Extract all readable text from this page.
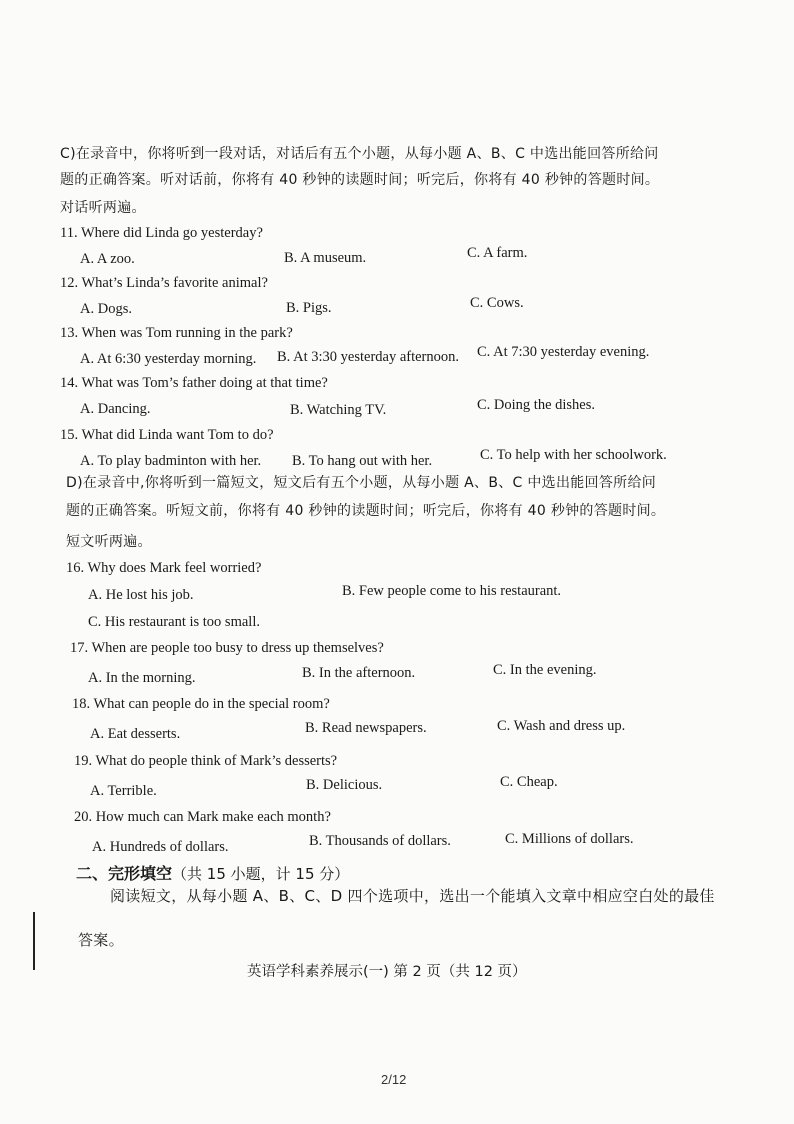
C)在录音中，你将听到一段对话，对话后有五个小题，从每小题 A、B、C 中选出能回答所给问
题的正确答案。听对话前，你将有 40 秒钟的读题时间；听完后，你将有 40 秒钟的答题时间。
对话听两遍。
11. Where did Linda go yesterday?
A. A zoo.	B. A museum.	C. A farm.
12. What’s Linda’s favorite animal?
A. Dogs.	B. Pigs.	C. Cows.
13. When was Tom running in the park?
A. At 6:30 yesterday morning. B. At 3:30 yesterday afternoon. C. At 7:30 yesterday evening.
14. What was Tom’s father doing at that time?
A. Dancing.	B. Watching TV.	C. Doing the dishes.
15. What did Linda want Tom to do?
A. To play badminton with her. B. To hang out with her.	C. To help with her schoolwork.
D)在录音中,你将听到一篇短文，短文后有五个小题，从每小题 A、B、C 中选出能回答所给问
题的正确答案。听短文前，你将有 40 秒钟的读题时间；听完后，你将有 40 秒钟的答题时间。
短文听两遍。
16. Why does Mark feel worried?
A. He lost his job.	B. Few people come to his restaurant.
C. His restaurant is too small.
17. When are people too busy to dress up themselves?
A. In the morning.	B. In the afternoon.	C. In the evening.
18. What can people do in the special room?
A. Eat desserts.	B. Read newspapers.	C. Wash and dress up.
19. What do people think of Mark’s desserts?
A. Terrible.	B. Delicious.	C. Cheap.
20. How much can Mark make each month?
A. Hundreds of dollars.	B. Thousands of dollars.	C. Millions of dollars.
二、完形填空（共 15 小题，计 15 分）
阅读短文，从每小题 A、B、C、D 四个选项中，选出一个能填入文章中相应空白处的最佳
答案。
英语学科素养展示(一) 第 2 页（共 12 页）
2/12
